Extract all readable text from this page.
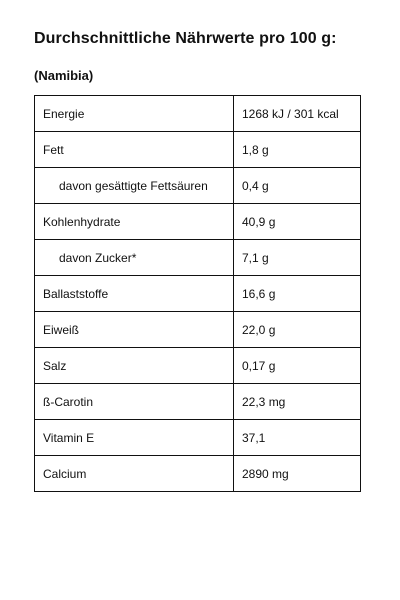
Durchschnittliche Nährwerte pro 100 g:
(Namibia)
Energie	1268 kJ / 301 kcal
Fett	1,8 g
davon gesättigte Fettsäuren	0,4 g
Kohlenhydrate	40,9 g
davon Zucker*	7,1 g
Ballaststoffe	16,6 g
Eiweiß	22,0 g
Salz	0,17 g
ß-Carotin	22,3 mg
Vitamin E	37,1
Calcium	2890 mg
